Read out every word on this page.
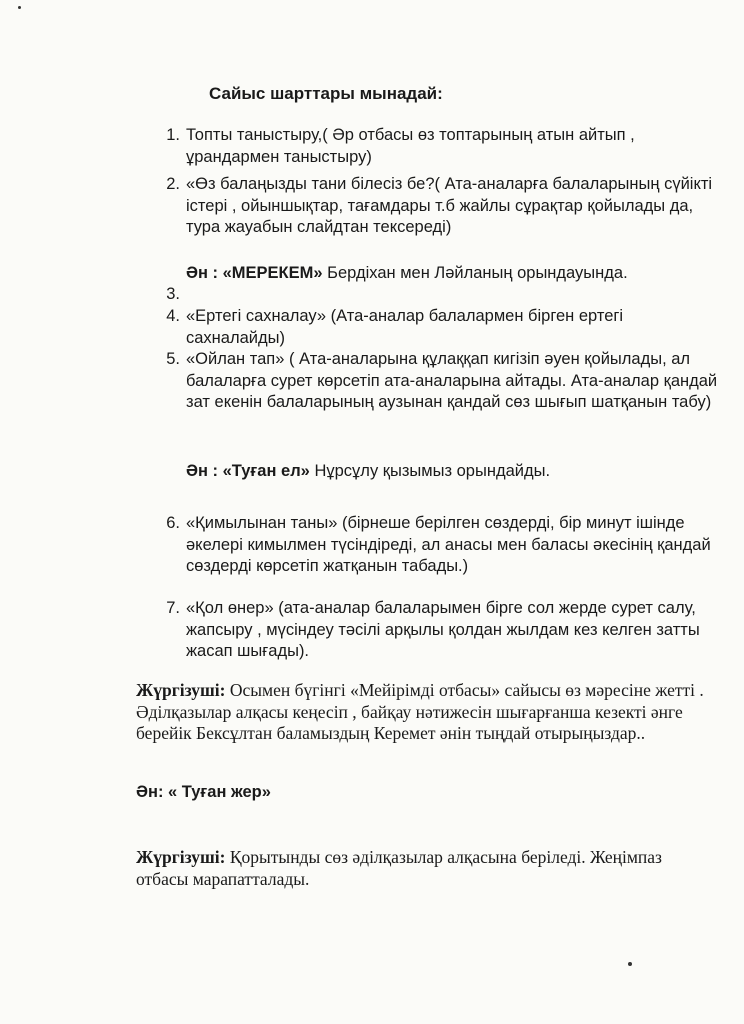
Сайыс шарттары мынадай:
1. Топты таныстыру,( Әр отбасы өз топтарының атын айтып , ұрандармен таныстыру)
2. «Өз балаңызды тани білесіз бе?( Ата-аналарға балаларының сүйікті істері , ойыншықтар, тағамдары т.б жайлы сұрақтар қойылады да, тура жауабын слайдтан тексереді)
Ән : «МЕРЕКЕМ» Бердіхан мен Ләйланың орындауында.
3.
4. «Ертегі сахналау» (Ата-аналар балалармен бірген ертегі сахналайды)
5. «Ойлан тап» ( Ата-аналарына құлаққап кигізіп әуен қойылады, ал балаларға сурет көрсетіп ата-аналарына айтады. Ата-аналар қандай зат екенін балаларының аузынан қандай сөз шығып шатқанын табу)
Ән : «Туған ел» Нұрсұлу қызымыз орындайды.
6. «Қимылынан таны» (бірнеше берілген сөздерді, бір минут ішінде әкелері кимылмен түсіндіреді, ал анасы мен баласы әкесінің қандай сөздерді көрсетіп жатқанын табады.)
7. «Қол өнер» (ата-аналар балаларымен бірге сол жерде сурет салу, жапсыру , мүсіндеу тәсілі арқылы қолдан жылдам кез келген затты жасап шығады).
Жүргізуші: Осымен бүгінгі «Мейірімді отбасы» сайысы өз мәресіне жетті . Әділқазылар алқасы кеңесіп , байқау нәтижесін шығарғанша кезекті әнге берейік Бексұлтан баламыздың Керемет әнін тыңдай отырыңыздар..
Ән: « Туған жер»
Жүргізуші: Қорытынды сөз әділқазылар алқасына беріледі. Жеңімпаз отбасы марапатталады.
